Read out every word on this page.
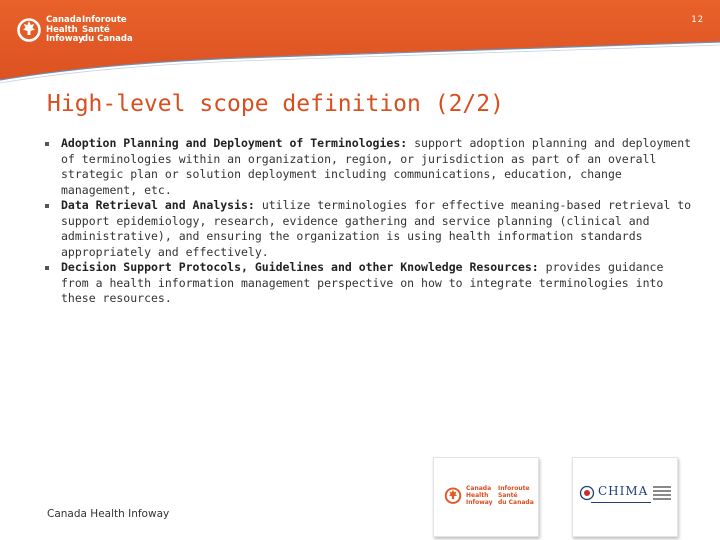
Canada
Health
Infoway
Inforoute
Santé
du Canada
12
High-level scope definition (2/2)
Adoption Planning and Deployment of Terminologies: support adoption planning and deployment of terminologies within an organization, region, or jurisdiction as part of an overall strategic plan or solution deployment including communications, education, change management, etc.
Data Retrieval and Analysis: utilize terminologies for effective meaning-based retrieval to support epidemiology, research, evidence gathering and service planning (clinical and administrative), and ensuring the organization is using health information standards appropriately and effectively.
Decision Support Protocols, Guidelines and other Knowledge Resources: provides guidance from a health information management perspective on how to integrate terminologies into these resources.
Canada Health Infoway
Canada
Health
Infoway
Inforoute
Santé
du Canada
CHIMA
